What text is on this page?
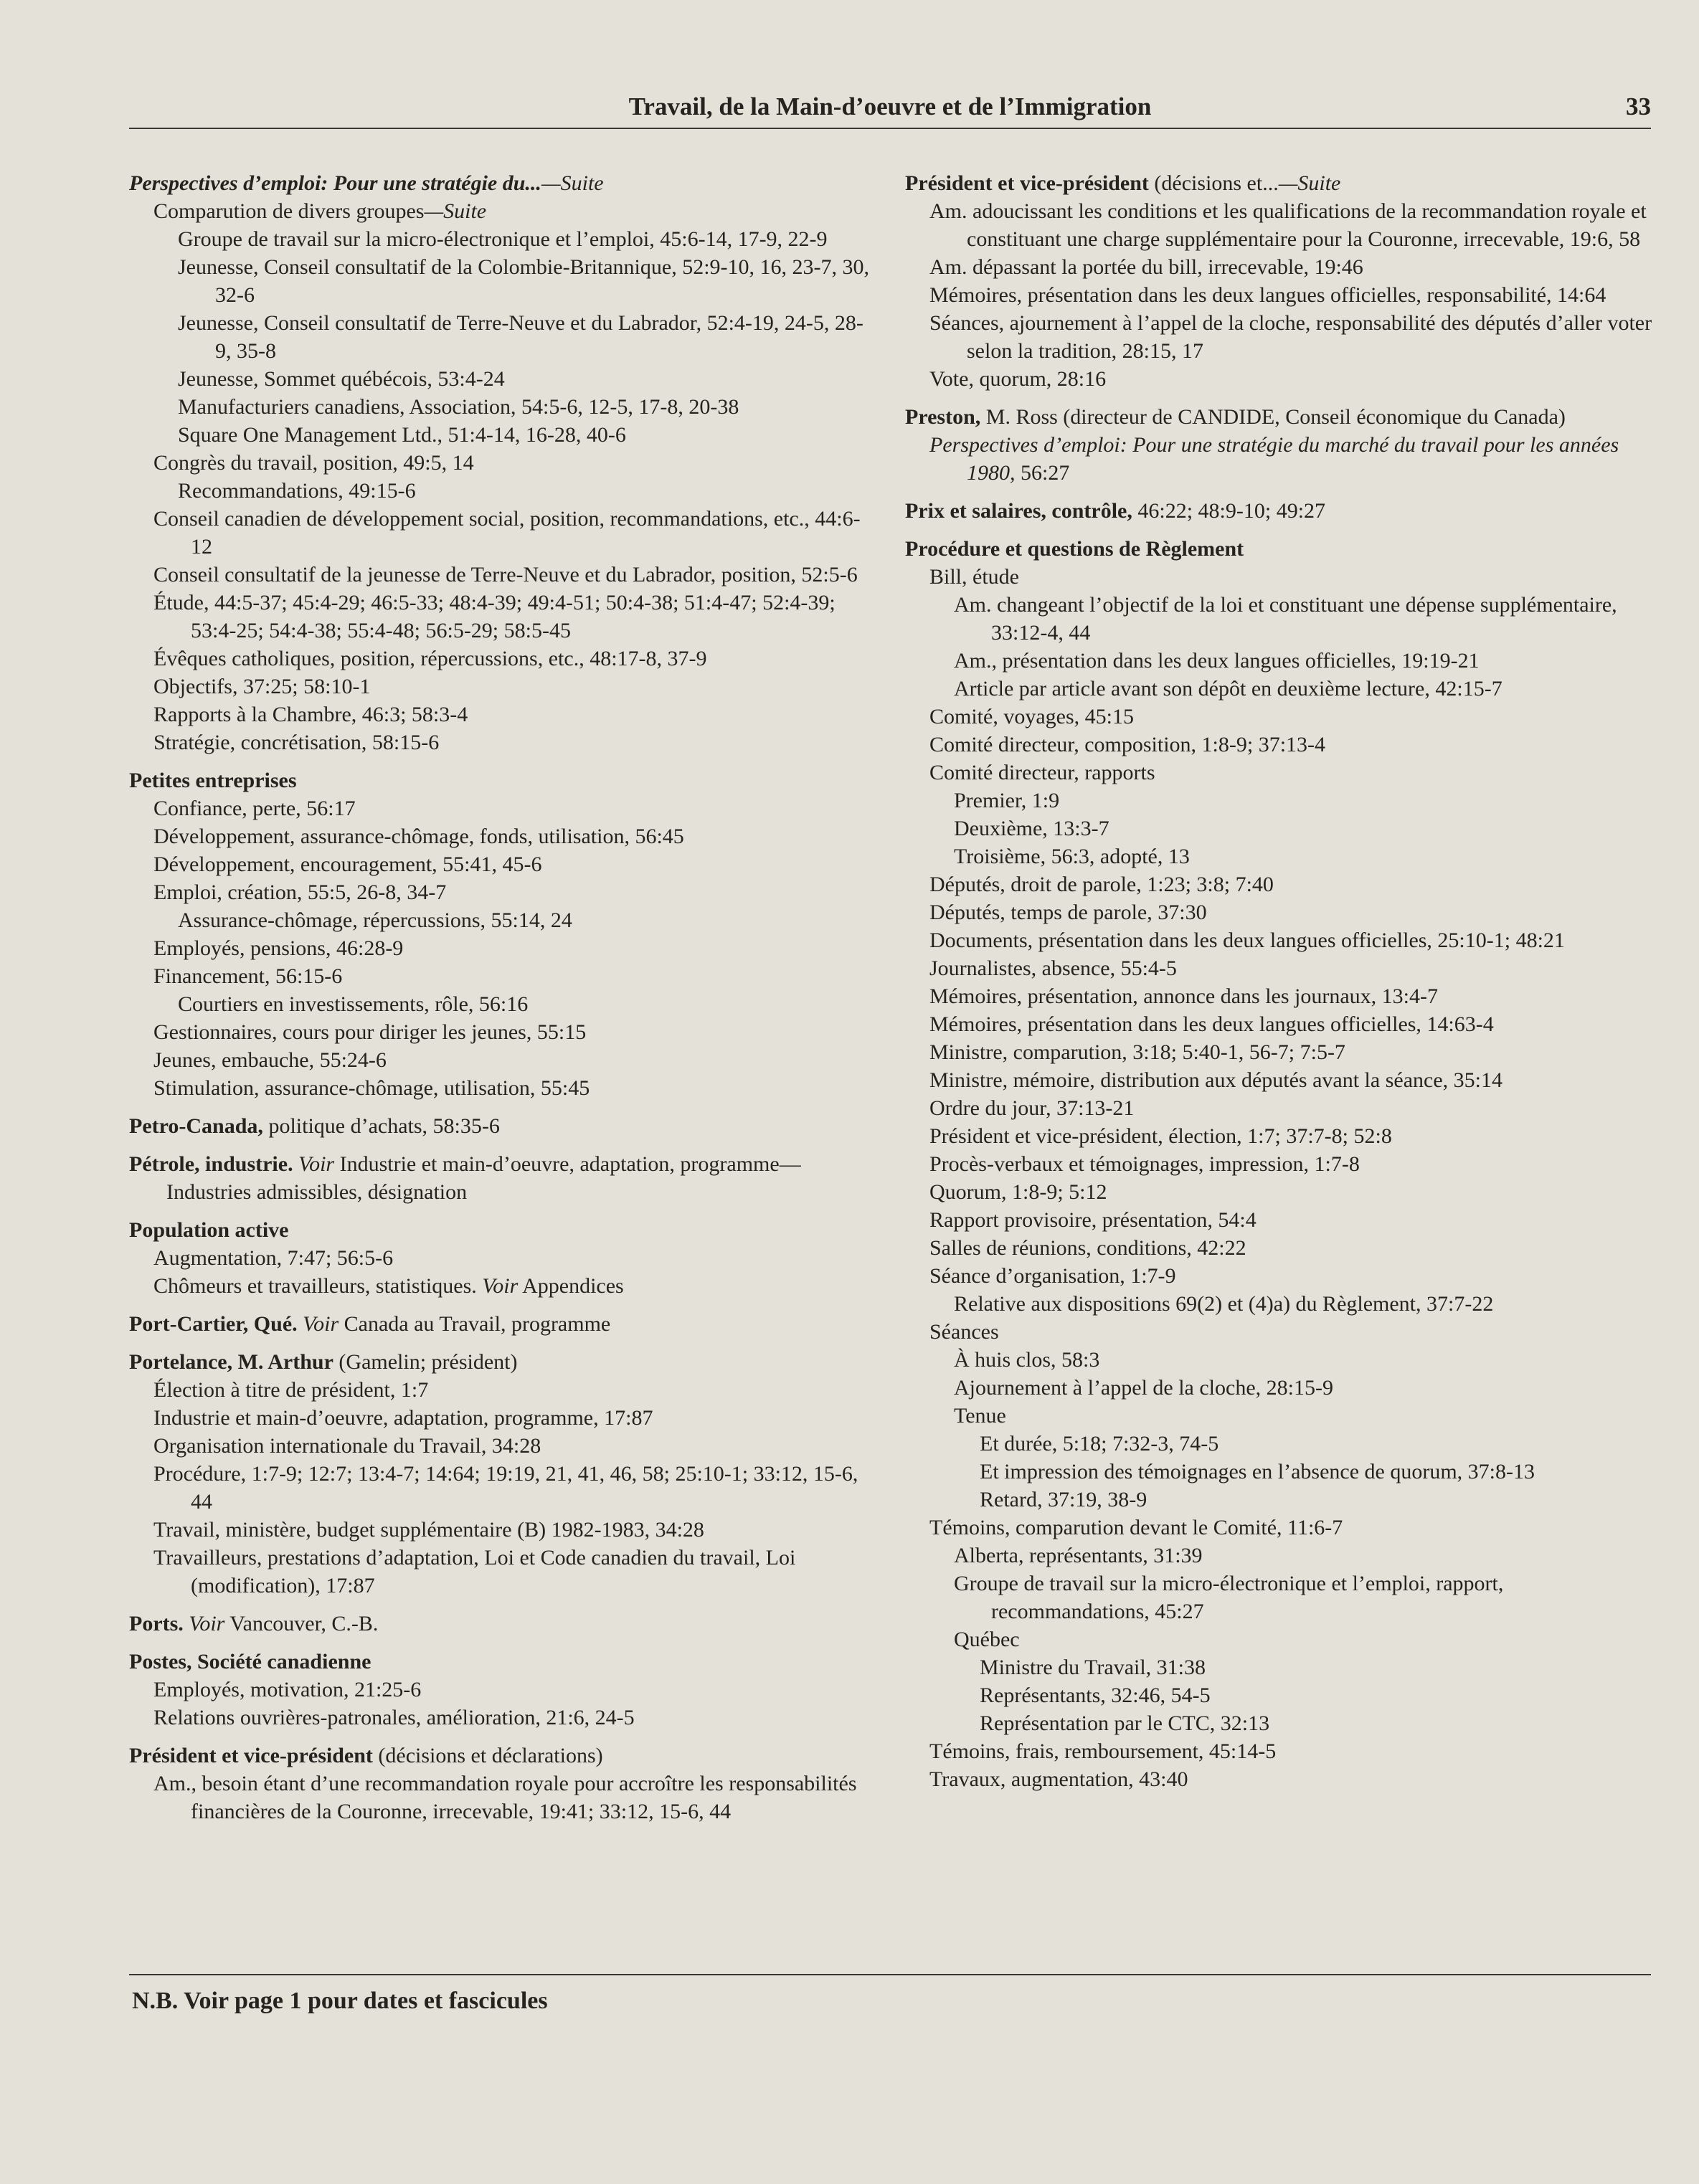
Travail, de la Main-d’oeuvre et de l’Immigration	33
Perspectives d’emploi: Pour une stratégie du...—Suite
Comparution de divers groupes—Suite
Groupe de travail sur la micro-électronique et l’emploi, 45:6-14, 17-9, 22-9
Jeunesse, Conseil consultatif de la Colombie-Britannique, 52:9-10, 16, 23-7, 30, 32-6
Jeunesse, Conseil consultatif de Terre-Neuve et du Labrador, 52:4-19, 24-5, 28-9, 35-8
Jeunesse, Sommet québécois, 53:4-24
Manufacturiers canadiens, Association, 54:5-6, 12-5, 17-8, 20-38
Square One Management Ltd., 51:4-14, 16-28, 40-6
Congrès du travail, position, 49:5, 14
Recommandations, 49:15-6
Conseil canadien de développement social, position, recommandations, etc., 44:6-12
Conseil consultatif de la jeunesse de Terre-Neuve et du Labrador, position, 52:5-6
Étude, 44:5-37; 45:4-29; 46:5-33; 48:4-39; 49:4-51; 50:4-38; 51:4-47; 52:4-39; 53:4-25; 54:4-38; 55:4-48; 56:5-29; 58:5-45
Évêques catholiques, position, répercussions, etc., 48:17-8, 37-9
Objectifs, 37:25; 58:10-1
Rapports à la Chambre, 46:3; 58:3-4
Stratégie, concrétisation, 58:15-6
Petites entreprises
Confiance, perte, 56:17
Développement, assurance-chômage, fonds, utilisation, 56:45
Développement, encouragement, 55:41, 45-6
Emploi, création, 55:5, 26-8, 34-7
Assurance-chômage, répercussions, 55:14, 24
Employés, pensions, 46:28-9
Financement, 56:15-6
Courtiers en investissements, rôle, 56:16
Gestionnaires, cours pour diriger les jeunes, 55:15
Jeunes, embauche, 55:24-6
Stimulation, assurance-chômage, utilisation, 55:45
Petro-Canada, politique d’achats, 58:35-6
Pétrole, industrie. Voir Industrie et main-d’oeuvre, adaptation, programme—Industries admissibles, désignation
Population active
Augmentation, 7:47; 56:5-6
Chômeurs et travailleurs, statistiques. Voir Appendices
Port-Cartier, Qué. Voir Canada au Travail, programme
Portelance, M. Arthur (Gamelin; président)
Élection à titre de président, 1:7
Industrie et main-d’oeuvre, adaptation, programme, 17:87
Organisation internationale du Travail, 34:28
Procédure, 1:7-9; 12:7; 13:4-7; 14:64; 19:19, 21, 41, 46, 58; 25:10-1; 33:12, 15-6, 44
Travail, ministère, budget supplémentaire (B) 1982-1983, 34:28
Travailleurs, prestations d’adaptation, Loi et Code canadien du travail, Loi (modification), 17:87
Ports. Voir Vancouver, C.-B.
Postes, Société canadienne
Employés, motivation, 21:25-6
Relations ouvrières-patronales, amélioration, 21:6, 24-5
Président et vice-président (décisions et déclarations)
Am., besoin étant d’une recommandation royale pour accroître les responsabilités financières de la Couronne, irrecevable, 19:41; 33:12, 15-6, 44
Président et vice-président (décisions et...—Suite
Am. adoucissant les conditions et les qualifications de la recommandation royale et constituant une charge supplémentaire pour la Couronne, irrecevable, 19:6, 58
Am. dépassant la portée du bill, irrecevable, 19:46
Mémoires, présentation dans les deux langues officielles, responsabilité, 14:64
Séances, ajournement à l’appel de la cloche, responsabilité des députés d’aller voter selon la tradition, 28:15, 17
Vote, quorum, 28:16
Preston, M. Ross (directeur de CANDIDE, Conseil économique du Canada)
Perspectives d’emploi: Pour une stratégie du marché du travail pour les années 1980, 56:27
Prix et salaires, contrôle, 46:22; 48:9-10; 49:27
Procédure et questions de Règlement
Bill, étude
Am. changeant l’objectif de la loi et constituant une dépense supplémentaire, 33:12-4, 44
Am., présentation dans les deux langues officielles, 19:19-21
Article par article avant son dépôt en deuxième lecture, 42:15-7
Comité, voyages, 45:15
Comité directeur, composition, 1:8-9; 37:13-4
Comité directeur, rapports
Premier, 1:9
Deuxième, 13:3-7
Troisième, 56:3, adopté, 13
Députés, droit de parole, 1:23; 3:8; 7:40
Députés, temps de parole, 37:30
Documents, présentation dans les deux langues officielles, 25:10-1; 48:21
Journalistes, absence, 55:4-5
Mémoires, présentation, annonce dans les journaux, 13:4-7
Mémoires, présentation dans les deux langues officielles, 14:63-4
Ministre, comparution, 3:18; 5:40-1, 56-7; 7:5-7
Ministre, mémoire, distribution aux députés avant la séance, 35:14
Ordre du jour, 37:13-21
Président et vice-président, élection, 1:7; 37:7-8; 52:8
Procès-verbaux et témoignages, impression, 1:7-8
Quorum, 1:8-9; 5:12
Rapport provisoire, présentation, 54:4
Salles de réunions, conditions, 42:22
Séance d’organisation, 1:7-9
Relative aux dispositions 69(2) et (4)a) du Règlement, 37:7-22
Séances
À huis clos, 58:3
Ajournement à l’appel de la cloche, 28:15-9
Tenue
Et durée, 5:18; 7:32-3, 74-5
Et impression des témoignages en l’absence de quorum, 37:8-13
Retard, 37:19, 38-9
Témoins, comparution devant le Comité, 11:6-7
Alberta, représentants, 31:39
Groupe de travail sur la micro-électronique et l’emploi, rapport, recommandations, 45:27
Québec
Ministre du Travail, 31:38
Représentants, 32:46, 54-5
Représentation par le CTC, 32:13
Témoins, frais, remboursement, 45:14-5
Travaux, augmentation, 43:40
N.B. Voir page 1 pour dates et fascicules
